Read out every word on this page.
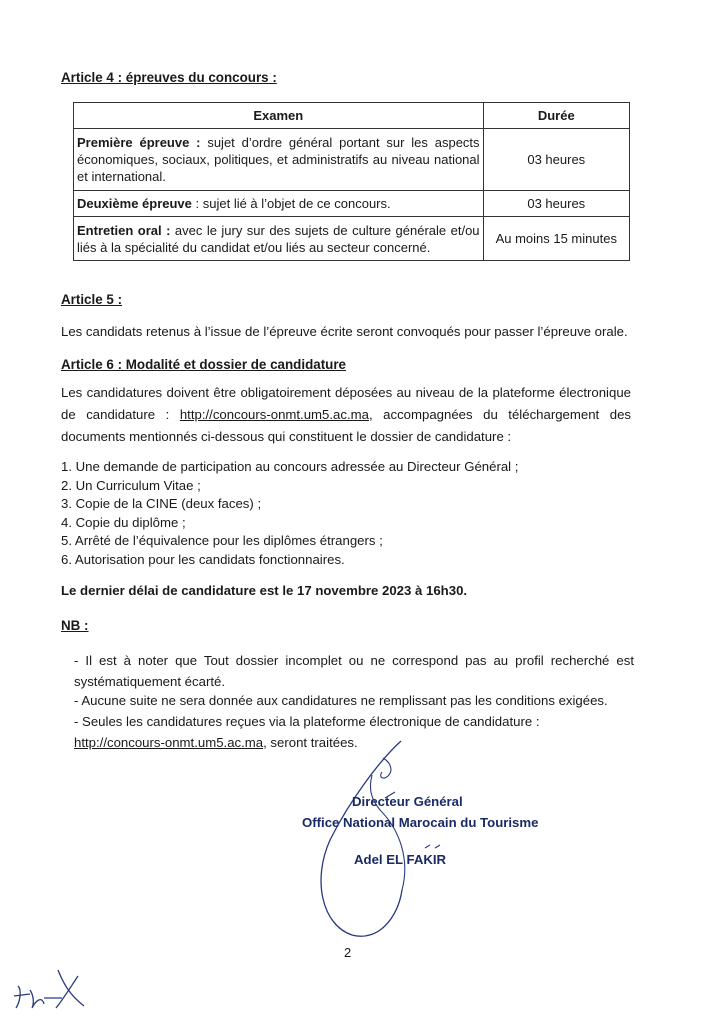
Article 4 : épreuves du concours :
Examen	Durée
Première épreuve : sujet d’ordre général portant sur les aspects économiques, sociaux, politiques, et administratifs au niveau national et international.	03 heures
Deuxième épreuve : sujet lié à l’objet de ce concours.	03 heures
Entretien oral : avec le jury sur des sujets de culture générale et/ou liés à la spécialité du candidat et/ou liés au secteur concerné.	Au moins 15 minutes
Article 5 :
Les candidats retenus à l’issue de l’épreuve écrite seront convoqués pour passer l’épreuve orale.
Article 6 : Modalité et dossier de candidature
Les candidatures doivent être obligatoirement déposées au niveau de la plateforme électronique de candidature : http://concours-onmt.um5.ac.ma, accompagnées du téléchargement des documents mentionnés ci-dessous qui constituent le dossier de candidature :
1. Une demande de participation au concours adressée au Directeur Général ;
2. Un Curriculum Vitae ;
3. Copie de la CINE (deux faces) ;
4. Copie du diplôme ;
5. Arrêté de l’équivalence pour les diplômes étrangers ;
6. Autorisation pour les candidats fonctionnaires.
Le dernier délai de candidature est le 17 novembre 2023 à 16h30.
NB :
- Il est à noter que Tout dossier incomplet ou ne correspond pas au profil recherché est systématiquement écarté.
- Aucune suite ne sera donnée aux candidatures ne remplissant pas les conditions exigées.
- Seules les candidatures reçues via la plateforme électronique de candidature :
http://concours-onmt.um5.ac.ma, seront traitées.
Directeur Général
Office National Marocain du Tourisme
Adel EL FAKIR
2
